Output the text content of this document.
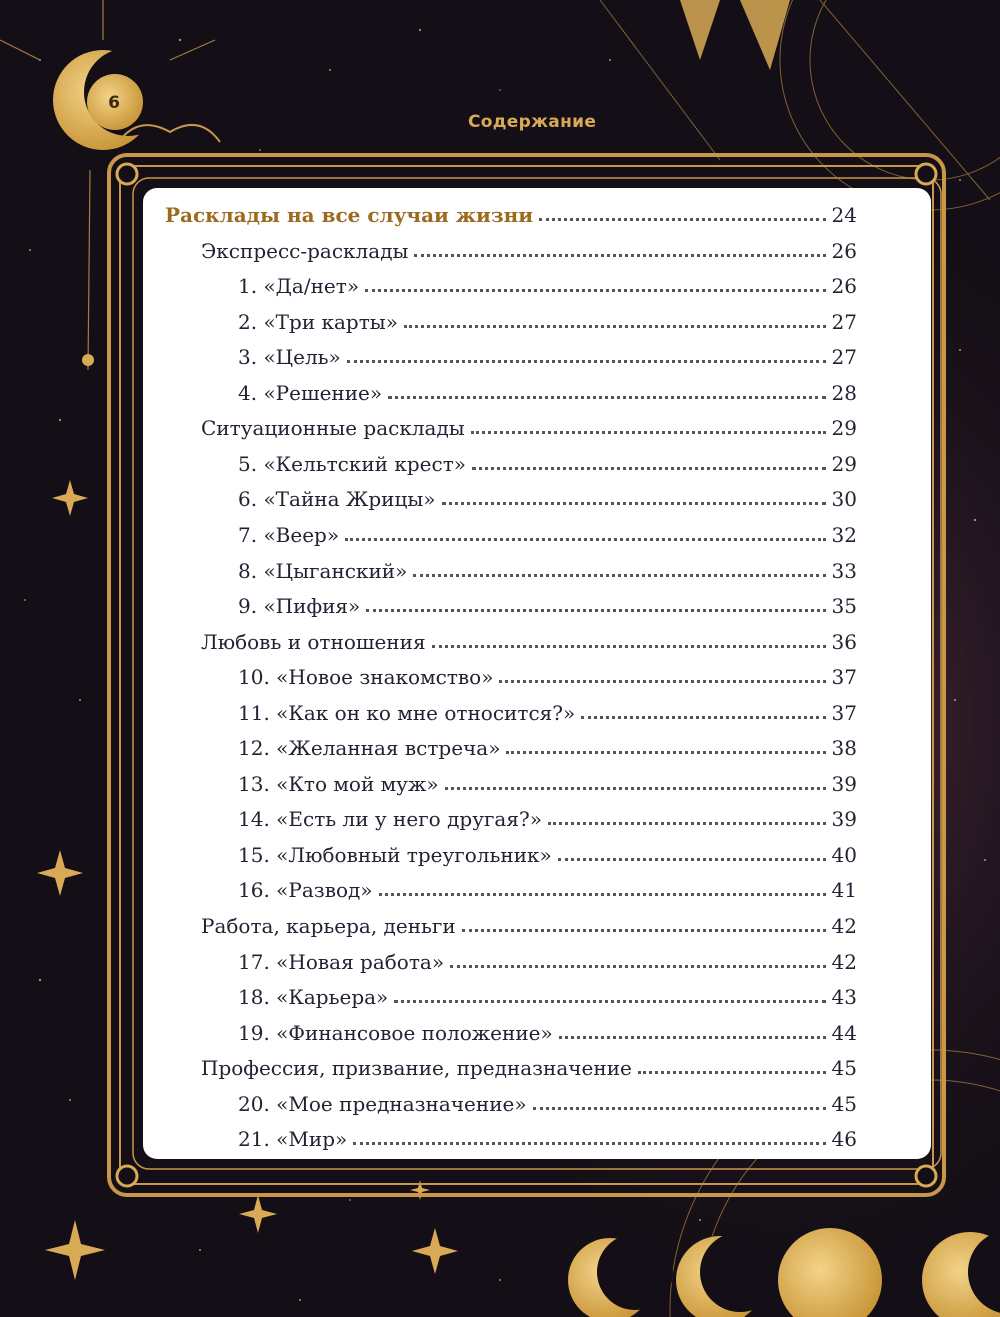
6
Содержание
Расклады на все случаи жизни	24
Экспресс-расклады	26
1. «Да/нет»	26
2. «Три карты»	27
3. «Цель»	27
4. «Решение»	28
Ситуационные расклады	29
5. «Кельтский крест»	29
6. «Тайна Жрицы»	30
7. «Веер»	32
8. «Цыганский»	33
9. «Пифия»	35
Любовь и отношения	36
10. «Новое знакомство»	37
11. «Как он ко мне относится?»	37
12. «Желанная встреча»	38
13. «Кто мой муж»	39
14. «Есть ли у него другая?»	39
15. «Любовный треугольник»	40
16. «Развод»	41
Работа, карьера, деньги	42
17. «Новая работа»	42
18. «Карьера»	43
19. «Финансовое положение»	44
Профессия, призвание, предназначение	45
20. «Мое предназначение»	45
21. «Мир»	46
